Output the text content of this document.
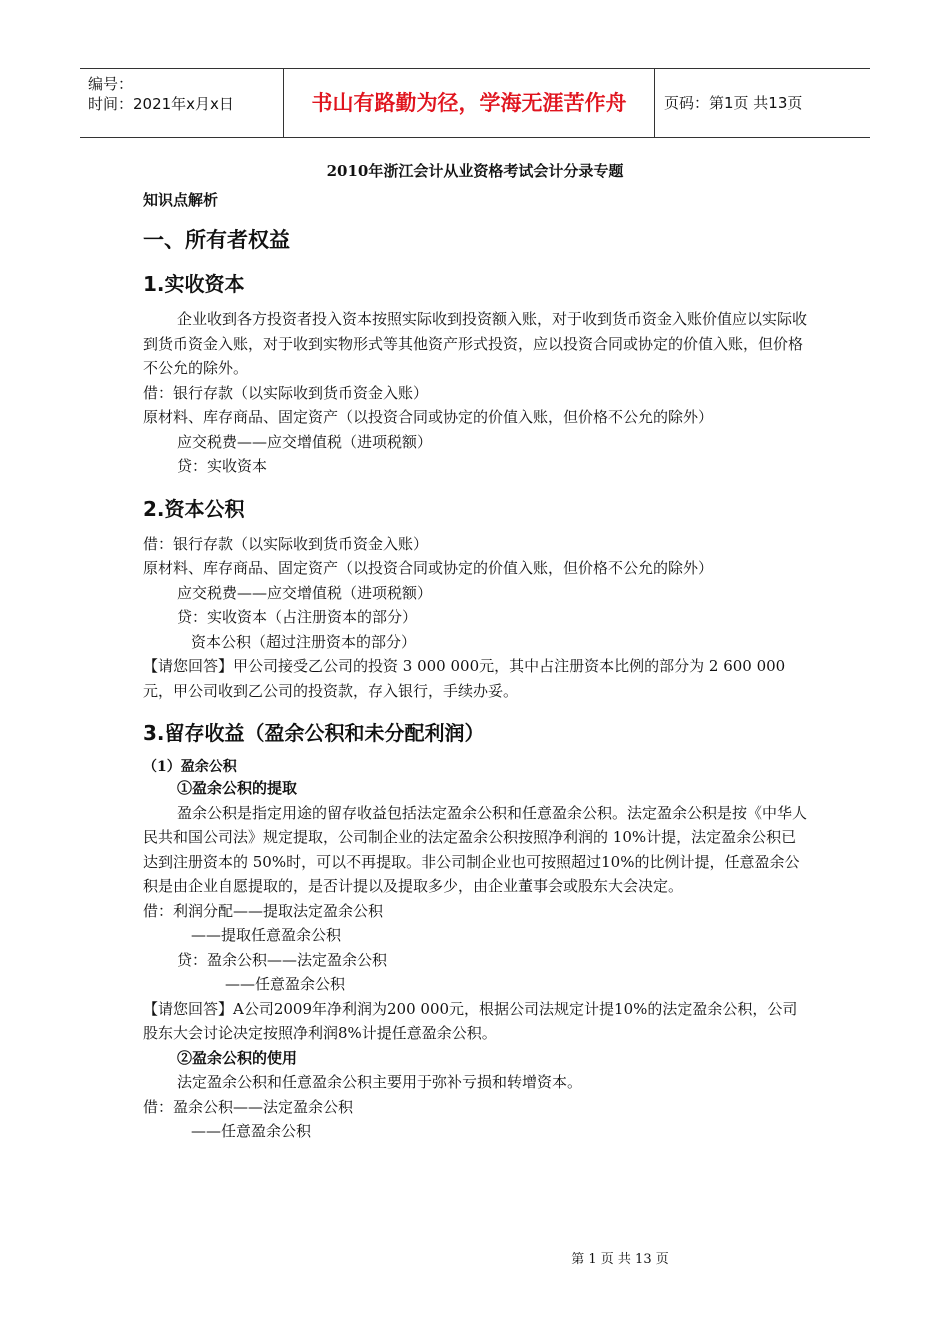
编号：
时间：2021年x月x日	书山有路勤为径，学海无涯苦作舟	页码：第1页 共13页
2010年浙江会计从业资格考试会计分录专题
知识点解析
一、所有者权益
1.实收资本

企业收到各方投资者投入资本按照实际收到投资额入账，对于收到货币资金入账价值应以实际收到货币资金入账，对于收到实物形式等其他资产形式投资，应以投资合同或协定的价值入账，但价格不公允的除外。

借：银行存款（以实际收到货币资金入账）

原材料、库存商品、固定资产（以投资合同或协定的价值入账，但价格不公允的除外）

应交税费——应交增值税（进项税额）

贷：实收资本

2.资本公积

借：银行存款（以实际收到货币资金入账）

原材料、库存商品、固定资产（以投资合同或协定的价值入账，但价格不公允的除外）

应交税费——应交增值税（进项税额）

贷：实收资本（占注册资本的部分）

资本公积（超过注册资本的部分）

【请您回答】甲公司接受乙公司的投资 3 000 000元，其中占注册资本比例的部分为 2 600 000元，甲公司收到乙公司的投资款，存入银行，手续办妥。

3.留存收益（盈余公积和未分配利润）
（1）盈余公积

①盈余公积的提取

盈余公积是指定用途的留存收益包括法定盈余公积和任意盈余公积。法定盈余公积是按《中华人民共和国公司法》规定提取，公司制企业的法定盈余公积按照净利润的 10%计提，法定盈余公积已达到注册资本的 50%时，可以不再提取。非公司制企业也可按照超过10%的比例计提，任意盈余公积是由企业自愿提取的，是否计提以及提取多少，由企业董事会或股东大会决定。

借：利润分配——提取法定盈余公积

——提取任意盈余公积

贷：盈余公积——法定盈余公积

——任意盈余公积

【请您回答】A公司2009年净利润为200 000元，根据公司法规定计提10%的法定盈余公积，公司股东大会讨论决定按照净利润8%计提任意盈余公积。

②盈余公积的使用

法定盈余公积和任意盈余公积主要用于弥补亏损和转增资本。

借：盈余公积——法定盈余公积

——任意盈余公积

第 1 页 共 13 页
